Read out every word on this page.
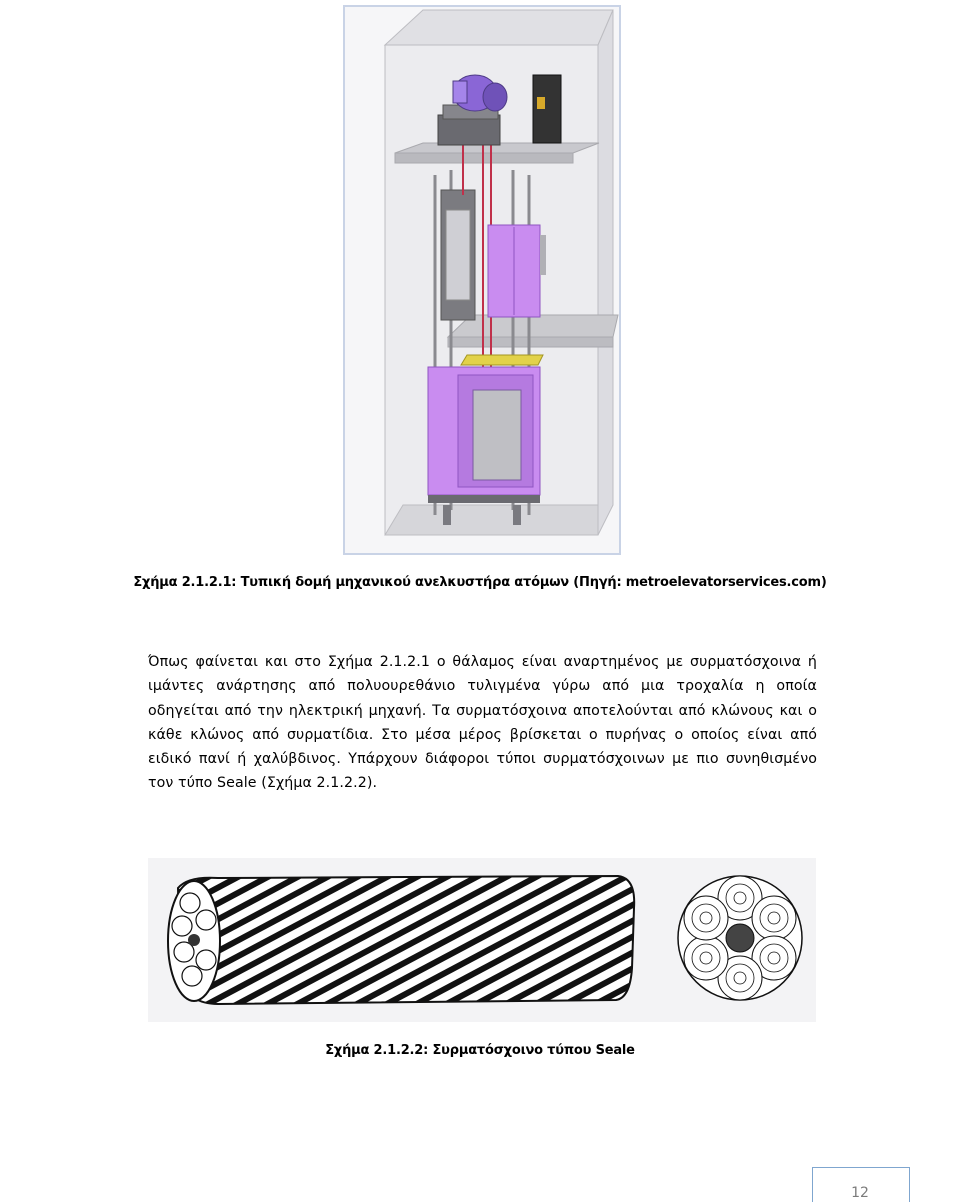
Σχήμα 2.1.2.1: Τυπική δομή μηχανικού ανελκυστήρα ατόμων (Πηγή: metroelevatorservices.com)

Όπως φαίνεται και στο Σχήμα 2.1.2.1 ο θάλαμος είναι αναρτημένος με συρματόσχοινα ή ιμάντες ανάρτησης από πολυουρεθάνιο τυλιγμένα γύρω από μια τροχαλία η οποία οδηγείται από την ηλεκτρική μηχανή. Τα συρματόσχοινα αποτελούνται από κλώνους και ο κάθε κλώνος από συρματίδια. Στο μέσα μέρος βρίσκεται ο πυρήνας ο οποίος είναι από ειδικό πανί ή χαλύβδινος. Υπάρχουν διάφοροι τύποι συρματόσχοινων με πιο συνηθισμένο τον τύπο Seale (Σχήμα 2.1.2.2).

Σχήμα 2.1.2.2: Συρματόσχοινο τύπου Seale
12
